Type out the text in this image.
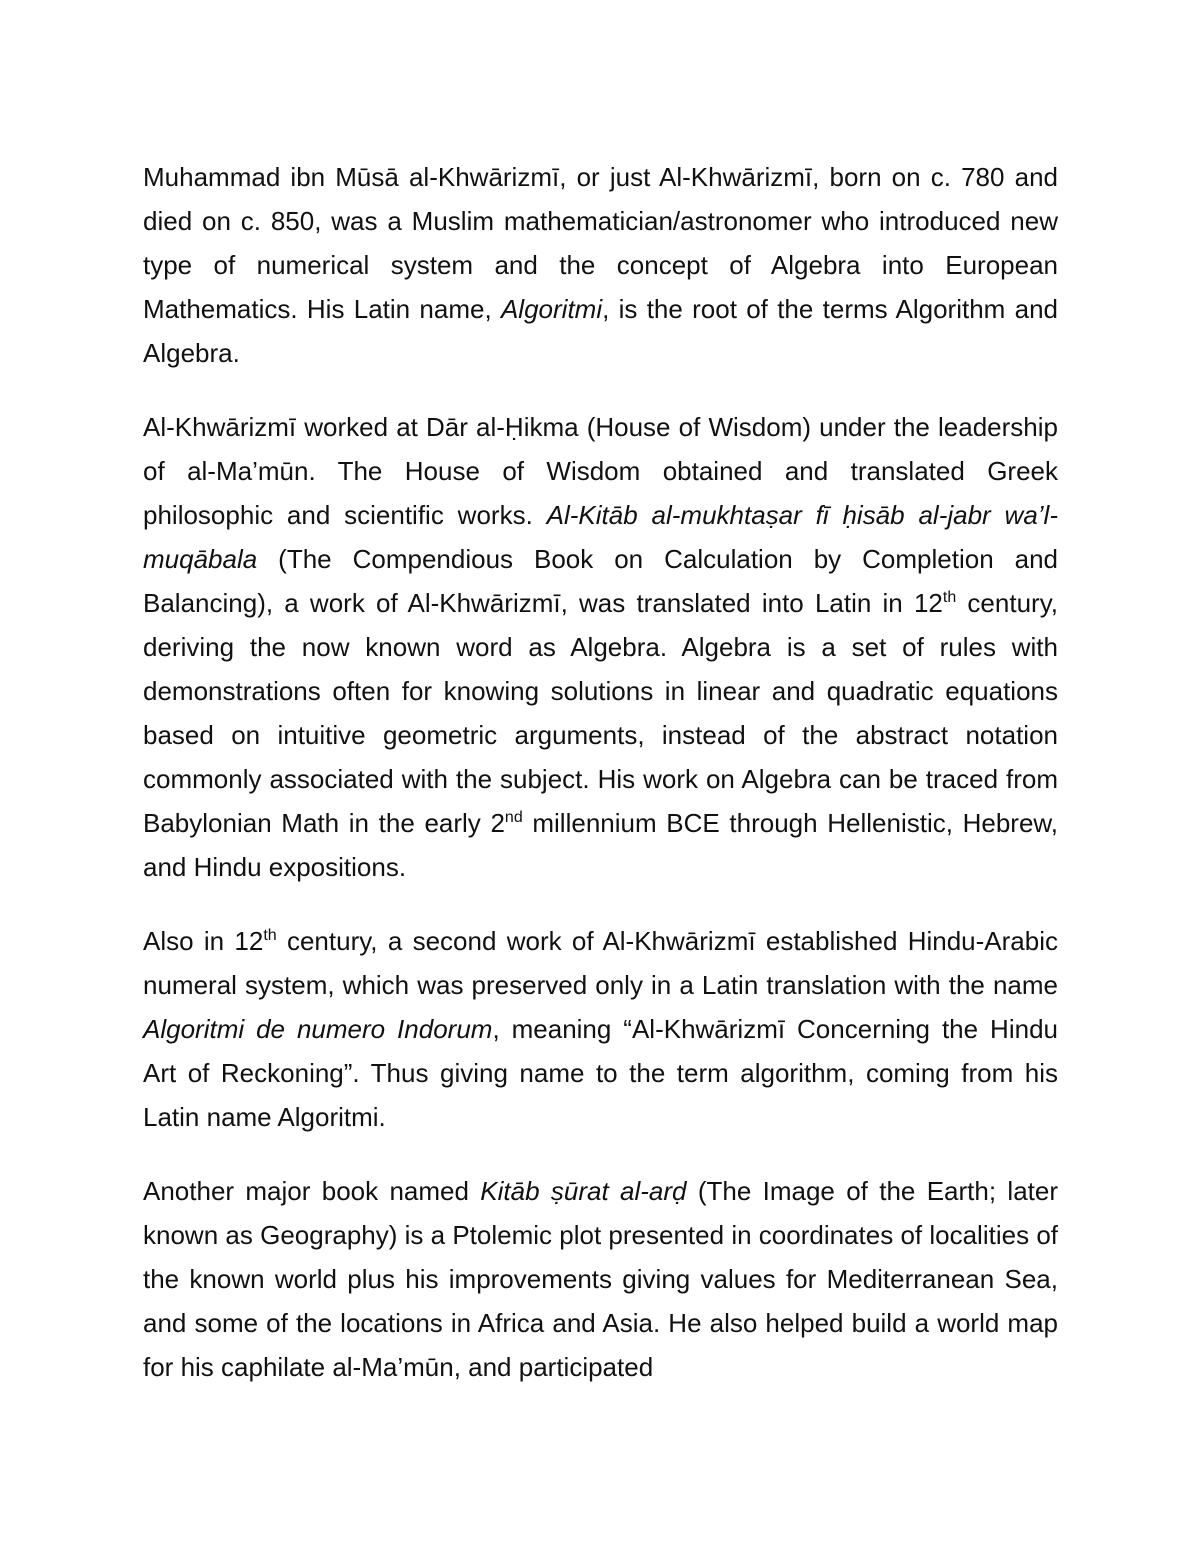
Muhammad ibn Mūsā al-Khwārizmī, or just Al-Khwārizmī, born on c. 780 and died on c. 850, was a Muslim mathematician/astronomer who introduced new type of numerical system and the concept of Algebra into European Mathematics. His Latin name, Algoritmi, is the root of the terms Algorithm and Algebra.

Al-Khwārizmī worked at Dār al-Ḥikma (House of Wisdom) under the leadership of al-Ma’mūn. The House of Wisdom obtained and translated Greek philosophic and scientific works. Al-Kitāb al-mukhtaṣar fī ḥisāb al-jabr wa’l-muqābala (The Compendious Book on Calculation by Completion and Balancing), a work of Al-Khwārizmī, was translated into Latin in 12th century, deriving the now known word as Algebra. Algebra is a set of rules with demonstrations often for knowing solutions in linear and quadratic equations based on intuitive geometric arguments, instead of the abstract notation commonly associated with the subject. His work on Algebra can be traced from Babylonian Math in the early 2nd millennium BCE through Hellenistic, Hebrew, and Hindu expositions.

Also in 12th century, a second work of Al-Khwārizmī established Hindu-Arabic numeral system, which was preserved only in a Latin translation with the name Algoritmi de numero Indorum, meaning “Al-Khwārizmī Concerning the Hindu Art of Reckoning”. Thus giving name to the term algorithm, coming from his Latin name Algoritmi.

Another major book named Kitāb ṣūrat al-arḍ (The Image of the Earth; later known as Geography) is a Ptolemic plot presented in coordinates of localities of the known world plus his improvements giving values for Mediterranean Sea, and some of the locations in Africa and Asia. He also helped build a world map for his caphilate al-Ma’mūn, and participated
